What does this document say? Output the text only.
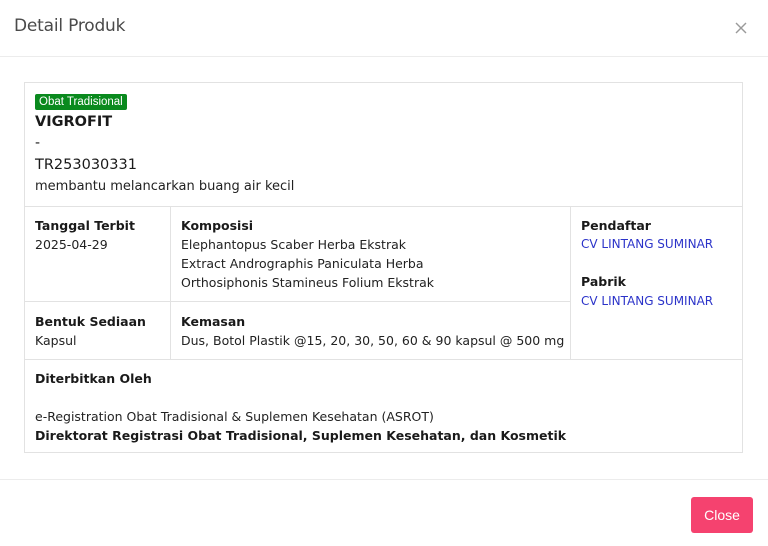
Detail Produk
Obat Tradisional
VIGROFIT
-
TR253030331
membantu melancarkan buang air kecil
Tanggal Terbit
2025-04-29
Komposisi
Elephantopus Scaber Herba Ekstrak
Extract Andrographis Paniculata Herba
Orthosiphonis Stamineus Folium Ekstrak
Pendaftar
CV LINTANG SUMINAR
Pabrik
CV LINTANG SUMINAR
Bentuk Sediaan
Kapsul
Kemasan
Dus, Botol Plastik @15, 20, 30, 50, 60 & 90 kapsul @ 500 mg
Diterbitkan Oleh
e-Registration Obat Tradisional & Suplemen Kesehatan (ASROT)
Direktorat Registrasi Obat Tradisional, Suplemen Kesehatan, dan Kosmetik
Close
